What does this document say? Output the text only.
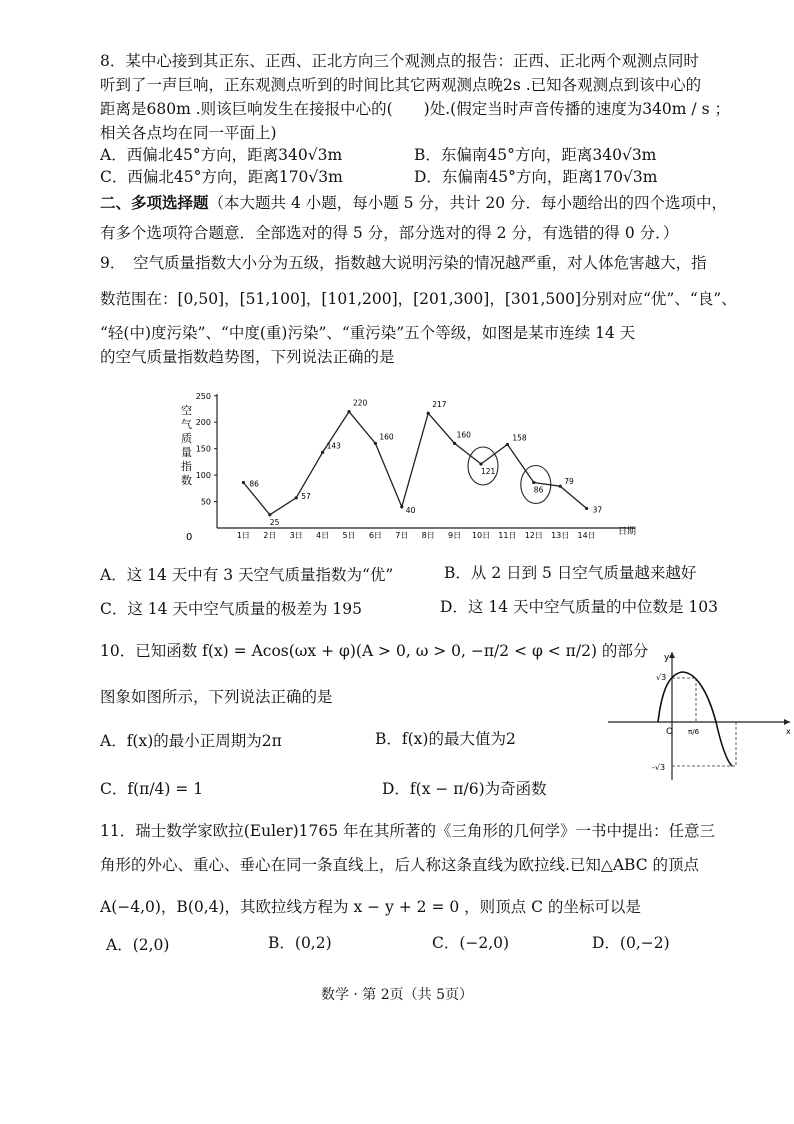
8．某中心接到其正东、正西、正北方向三个观测点的报告：正西、正北两个观测点同时
听到了一声巨响，正东观测点听到的时间比其它两观测点晚2s .已知各观测点到该中心的
距离是680m .则该巨响发生在接报中心的(　　)处.(假定当时声音传播的速度为340m / s ；
相关各点均在同一平面上)
A．西偏北45°方向，距离340√3m	B．东偏南45°方向，距离340√3m
C．西偏北45°方向，距离170√3m	D．东偏南45°方向，距离170√3m
二、多项选择题（本大题共 4 小题，每小题 5 分，共计 20 分．每小题给出的四个选项中，
有多个选项符合题意．全部选对的得 5 分，部分选对的得 2 分，有选错的得 0 分．）
9．　空气质量指数大小分为五级，指数越大说明污染的情况越严重，对人体危害越大，指
数范围在：[0,50]，[51,100]，[101,200]，[201,300]，[301,500]分别对应“优”、“良”、
“轻(中)度污染”、“中度(重)污染”、“重污染”五个等级，如图是某市连续 14 天
的空气质量指数趋势图，下列说法正确的是
空
气
质
量
指
数
50
100
150
200
250
1日 2日 3日 4日 5日 6日 7日 8日 9日 10日 11日 12日 13日 14日
86
25
57
143
220
160
40
217
160
121
158
86
79
37
日期
0
A．这 14 天中有 3 天空气质量指数为“优”	B．从 2 日到 5 日空气质量越来越好
C．这 14 天中空气质量的极差为 195	D．这 14 天中空气质量的中位数是 103
10．已知函数 f(x) = Acos(ωx + φ)(A > 0, ω > 0, −π/2 < φ < π/2) 的部分
图象如图所示，下列说法正确的是
A．f(x)的最小正周期为2π	B．f(x)的最大值为2
C．f(π/4) = 1	D．f(x − π/6)为奇函数
y
x
O
√3
-√3
π/6
11．瑞士数学家欧拉(Euler)1765 年在其所著的《三角形的几何学》一书中提出：任意三
角形的外心、重心、垂心在同一条直线上，后人称这条直线为欧拉线.已知△ABC 的顶点
A(−4,0)，B(0,4)，其欧拉线方程为 x − y + 2 = 0 ，则顶点 C 的坐标可以是
A．(2,0)	B．(0,2)	C．(−2,0)	D．(0,−2)
数学 · 第 2页（共 5页）
